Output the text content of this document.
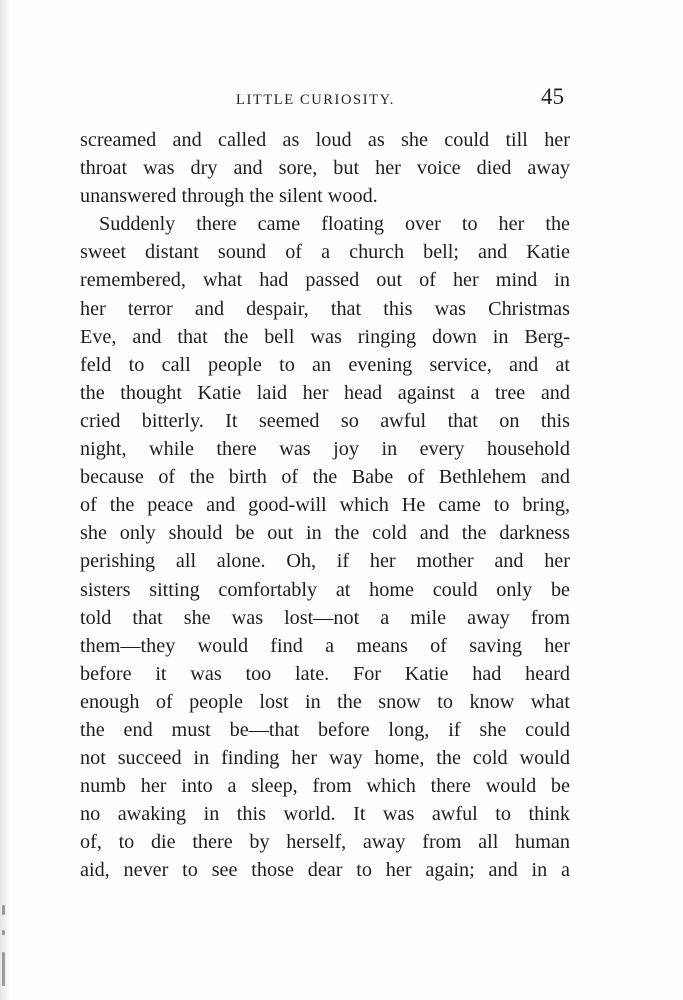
LITTLE CURIOSITY.	45
screamed and called as loud as she could till her
throat was dry and sore, but her voice died away
unanswered through the silent wood.
Suddenly there came floating over to her the
sweet distant sound of a church bell; and Katie
remembered, what had passed out of her mind in
her terror and despair, that this was Christmas
Eve, and that the bell was ringing down in Berg-
feld to call people to an evening service, and at
the thought Katie laid her head against a tree and
cried bitterly. It seemed so awful that on this
night, while there was joy in every household
because of the birth of the Babe of Bethlehem and
of the peace and good-will which He came to bring,
she only should be out in the cold and the darkness
perishing all alone. Oh, if her mother and her
sisters sitting comfortably at home could only be
told that she was lost—not a mile away from
them—they would find a means of saving her
before it was too late. For Katie had heard
enough of people lost in the snow to know what
the end must be—that before long, if she could
not succeed in finding her way home, the cold would
numb her into a sleep, from which there would be
no awaking in this world. It was awful to think
of, to die there by herself, away from all human
aid, never to see those dear to her again; and in a
